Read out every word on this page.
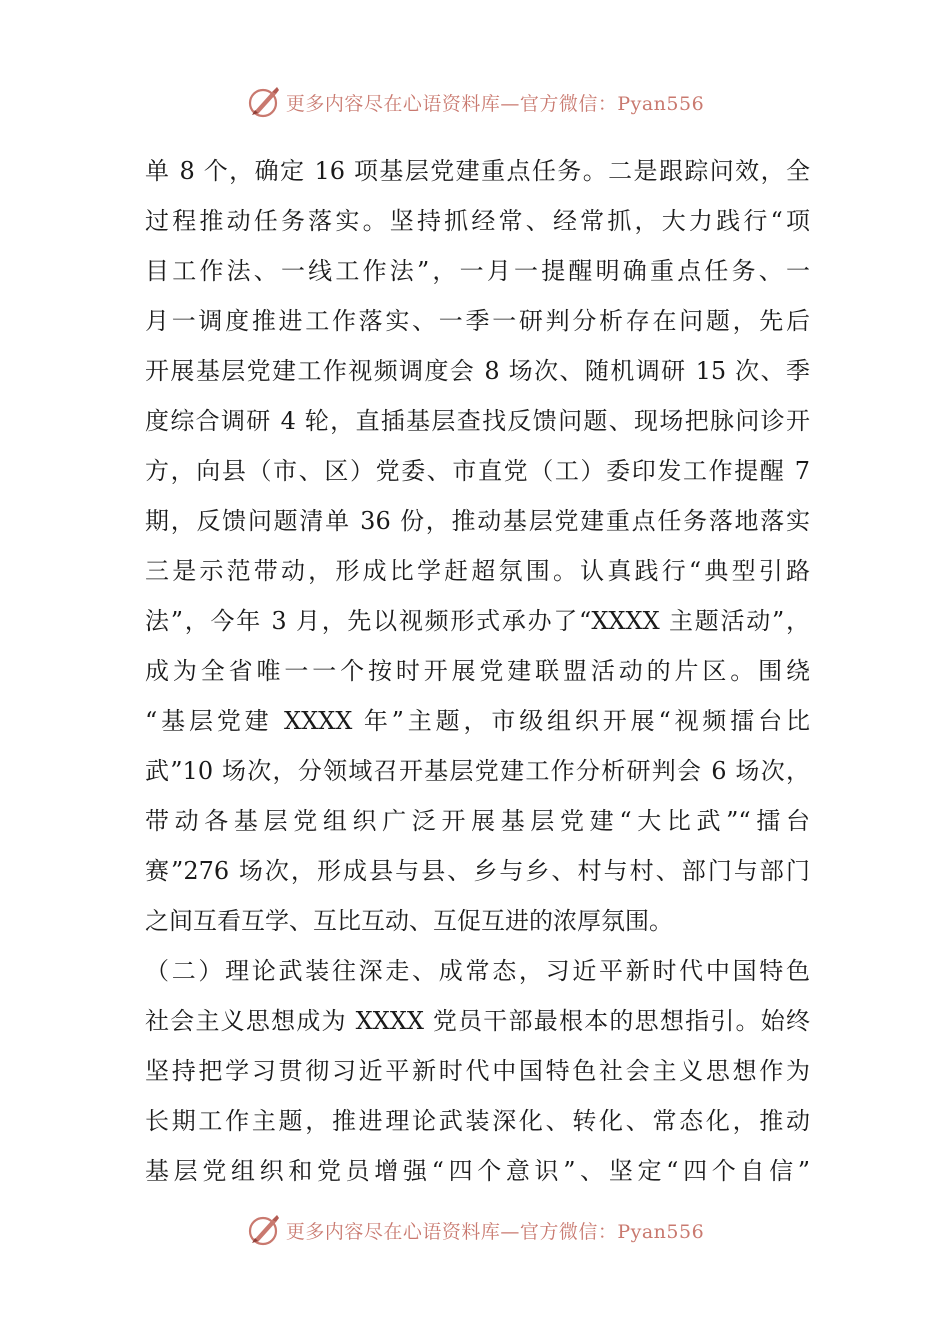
更多内容尽在心语资料库—官方微信：Pyan556
单 8 个，确定 16 项基层党建重点任务。二是跟踪问效，全
过程推动任务落实。坚持抓经常、经常抓，大力践行“项
目工作法、一线工作法”，一月一提醒明确重点任务、一
月一调度推进工作落实、一季一研判分析存在问题，先后
开展基层党建工作视频调度会 8 场次、随机调研 15 次、季
度综合调研 4 轮，直插基层查找反馈问题、现场把脉问诊开
方，向县（市、区）党委、市直党（工）委印发工作提醒 7
期，反馈问题清单 36 份，推动基层党建重点任务落地落实
三是示范带动，形成比学赶超氛围。认真践行“典型引路
法”，今年 3 月，先以视频形式承办了“XXXX 主题活动”，
成为全省唯一一个按时开展党建联盟活动的片区。围绕
“基层党建 XXXX 年”主题，市级组织开展“视频擂台比
武”10 场次，分领域召开基层党建工作分析研判会 6 场次，
带动各基层党组织广泛开展基层党建“大比武”“擂台
赛”276 场次，形成县与县、乡与乡、村与村、部门与部门
之间互看互学、互比互动、互促互进的浓厚氛围。
（二）理论武装往深走、成常态，习近平新时代中国特色
社会主义思想成为 XXXX 党员干部最根本的思想指引。始终
坚持把学习贯彻习近平新时代中国特色社会主义思想作为
长期工作主题，推进理论武装深化、转化、常态化，推动
基层党组织和党员增强“四个意识”、坚定“四个自信”
更多内容尽在心语资料库—官方微信：Pyan556
